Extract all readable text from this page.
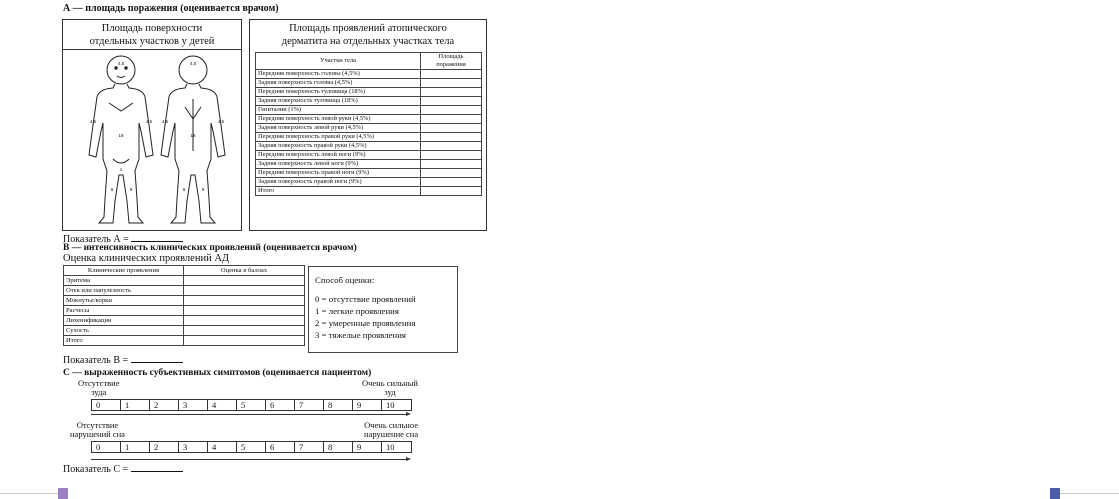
А — площадь поражения (оценивается врачом)
Площадь поверхности
отдельных участков у детей
4,5	4,5
4,5	4,5 4,5	4,5
18	18
1
9	9	9	9
Площадь проявлений атопического
дерматита на отдельных участках тела
Участки тела	Площадь
поражения

Передняя поверхность головы (4,5%)	
Задняя поверхность головы (4,5%)	
Передняя поверхность туловища (18%)	
Задняя поверхность туловища (18%)	
Гениталии (1%)	
Передняя поверхность левой руки (4,5%)	
Задняя поверхность левой руки (4,5%)	
Передняя поверхность правой руки (4,5%)	
Задняя поверхность правой руки (4,5%)	
Передняя поверхность левой ноги (9%)	
Задняя поверхность левой ноги (9%)	
Передняя поверхность правой ноги (9%)	
Задняя поверхность правой ноги (9%)	
Итого	
Показатель А =
В — интенсивность клинических проявлений (оценивается врачом)
Оценка клинических проявлений АД
Клинические проявления	Оценка в баллах
Эритема	
Отек или папулезность	
Мокнутье/корки	
Расчесы	
Лихенификация	
Сухость	
Итого	
Способ оценки:
0 = отсутствие проявлений
1 = легкие проявления
2 = умеренные проявления
3 = тяжелые проявления
Показатель В =
С — выраженность субъективных симптомов (оценивается пациентом)
Отсутствие
зуда
Очень сильный
зуд
0	1	2	3	4	5	6	7	8	9	10
Отсутствие
нарушений сна
Очень сильное
нарушение сна
0	1	2	3	4	5	6	7	8	9	10
Показатель С =
